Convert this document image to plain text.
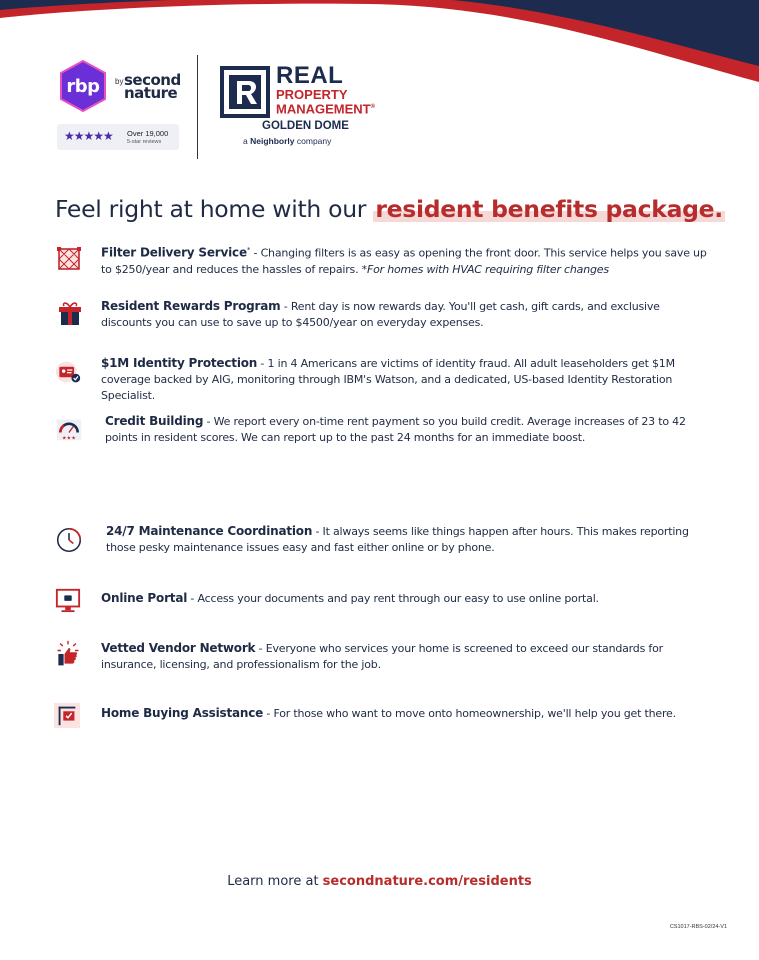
rbp	by second
nature
★★★★★ Over 19,000
5-star reviews
REAL
PROPERTY
MANAGEMENT®
GOLDEN DOME
a Neighborly company
Feel right at home with our resident benefits package.
Filter Delivery Service* - Changing filters is as easy as opening the front door. This service helps you save up to $250/year and reduces the hassles of repairs. *For homes with HVAC requiring filter changes
Resident Rewards Program - Rent day is now rewards day. You'll get cash, gift cards, and exclusive discounts you can use to save up to $4500/year on everyday expenses.
$1M Identity Protection - 1 in 4 Americans are victims of identity fraud. All adult leaseholders get $1M coverage backed by AIG, monitoring through IBM's Watson, and a dedicated, US-based Identity Restoration Specialist.
★★★
Credit Building - We report every on-time rent payment so you build credit. Average increases of 23 to 42 points in resident scores. We can report up to the past 24 months for an immediate boost.
24/7 Maintenance Coordination - It always seems like things happen after hours. This makes reporting those pesky maintenance issues easy and fast either online or by phone.
Online Portal - Access your documents and pay rent through our easy to use online portal.
Vetted Vendor Network - Everyone who services your home is screened to exceed our standards for insurance, licensing, and professionalism for the job.
Home Buying Assistance - For those who want to move onto homeownership, we'll help you get there.
Learn more at secondnature.com/residents
CS1017-RBS-02/24-V1
